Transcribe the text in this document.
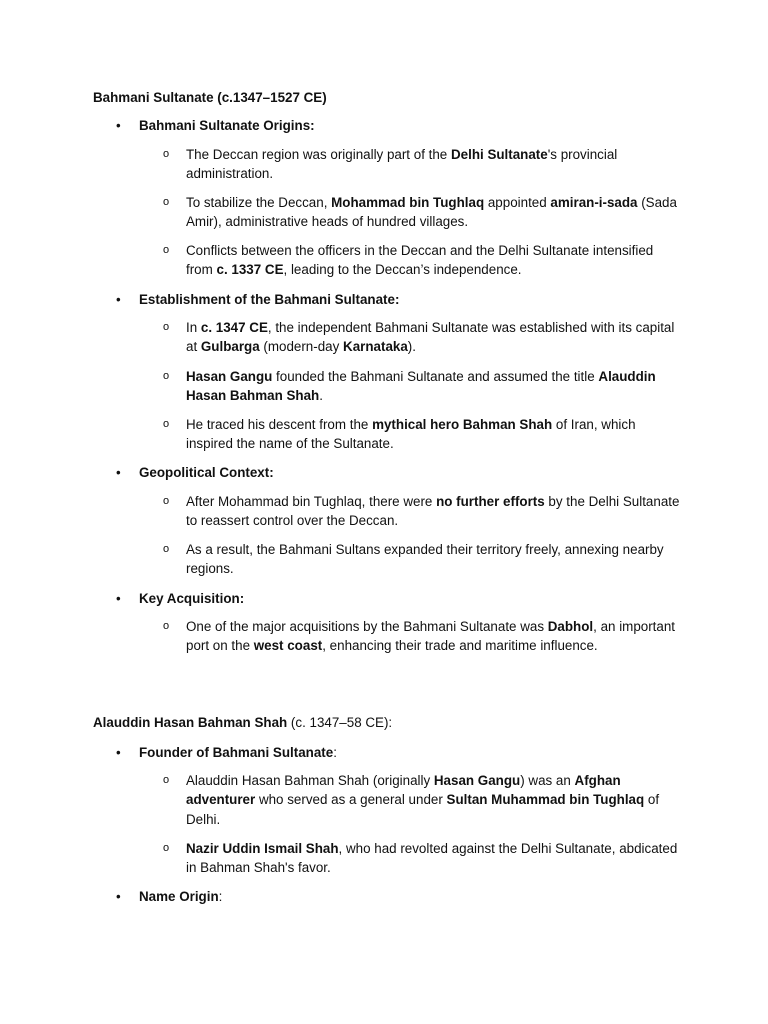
Bahmani Sultanate (c.1347–1527 CE)
Bahmani Sultanate Origins:
o The Deccan region was originally part of the Delhi Sultanate's provincial administration.
o To stabilize the Deccan, Mohammad bin Tughlaq appointed amiran-i-sada (Sada Amir), administrative heads of hundred villages.
o Conflicts between the officers in the Deccan and the Delhi Sultanate intensified from c. 1337 CE, leading to the Deccan’s independence.
Establishment of the Bahmani Sultanate:
o In c. 1347 CE, the independent Bahmani Sultanate was established with its capital at Gulbarga (modern-day Karnataka).
o Hasan Gangu founded the Bahmani Sultanate and assumed the title Alauddin Hasan Bahman Shah.
o He traced his descent from the mythical hero Bahman Shah of Iran, which inspired the name of the Sultanate.
Geopolitical Context:
o After Mohammad bin Tughlaq, there were no further efforts by the Delhi Sultanate to reassert control over the Deccan.
o As a result, the Bahmani Sultans expanded their territory freely, annexing nearby regions.
Key Acquisition:
o One of the major acquisitions by the Bahmani Sultanate was Dabhol, an important port on the west coast, enhancing their trade and maritime influence.
Alauddin Hasan Bahman Shah (c. 1347–58 CE):
Founder of Bahmani Sultanate:
o Alauddin Hasan Bahman Shah (originally Hasan Gangu) was an Afghan adventurer who served as a general under Sultan Muhammad bin Tughlaq of Delhi.
o Nazir Uddin Ismail Shah, who had revolted against the Delhi Sultanate, abdicated in Bahman Shah's favor.
Name Origin:
